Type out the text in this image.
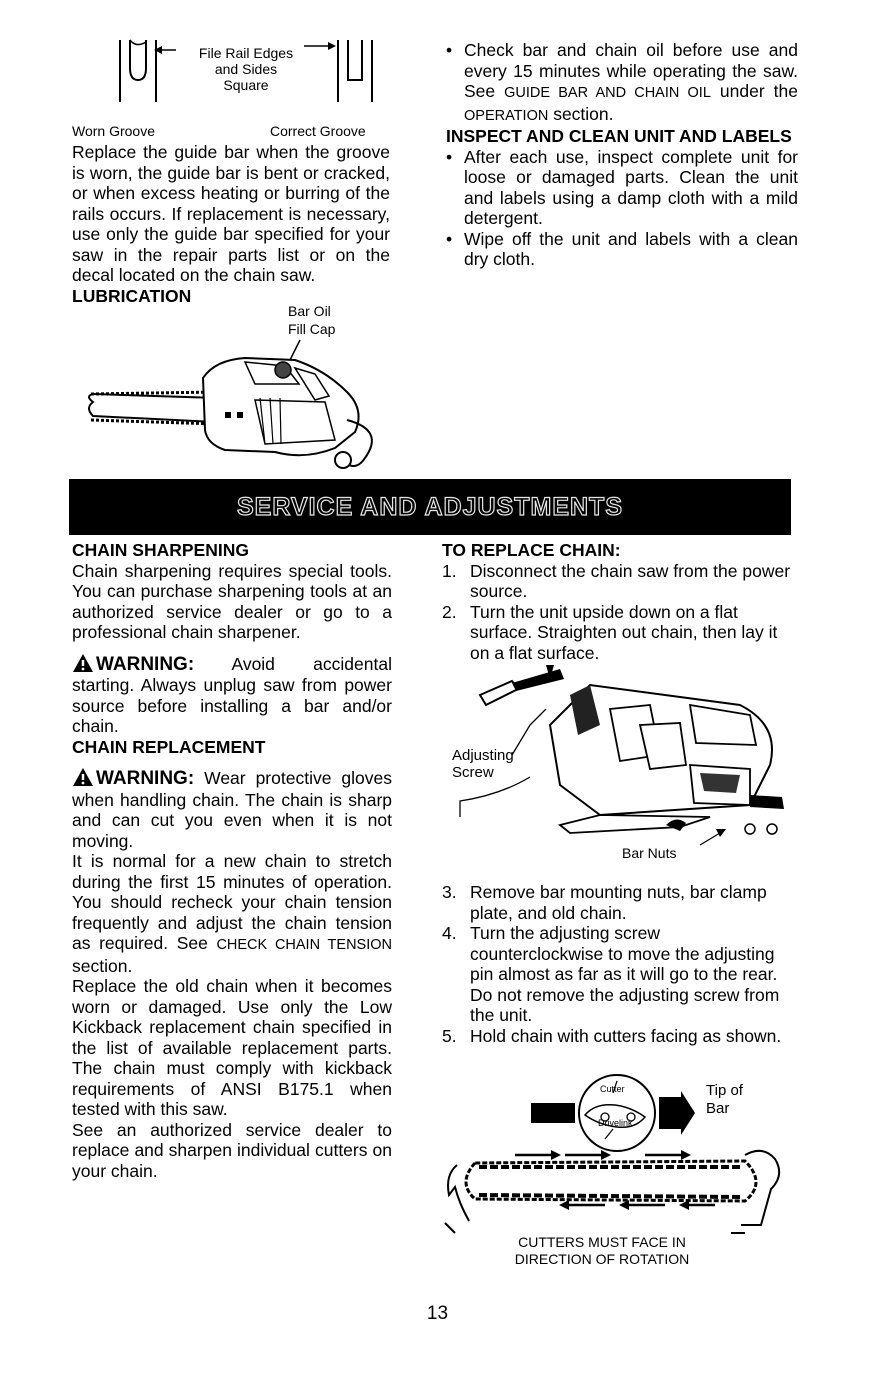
File Rail Edges
and Sides
Square
Worn Groove	Correct Groove

Replace the guide bar when the groove is worn, the guide bar is bent or cracked, or when excess heating or burring of the rails occurs. If replacement is necessary, use only the guide bar specified for your saw in the repair parts list or on the decal located on the chain saw.

LUBRICATION

Bar Oil
Fill Cap
• Check bar and chain oil before use and every 15 minutes while operating the saw. See GUIDE BAR AND CHAIN OIL under the OPERATION section.

INSPECT AND CLEAN UNIT AND LABELS

• After each use, inspect complete unit for loose or damaged parts. Clean the unit and labels using a damp cloth with a mild detergent.
• Wipe off the unit and labels with a clean dry cloth.
SERVICE AND ADJUSTMENTS

CHAIN SHARPENING

Chain sharpening requires special tools. You can purchase sharpening tools at an authorized service dealer or go to a professional chain sharpener.

WARNING: Avoid accidental starting. Always unplug saw from power source before installing a bar and/or chain.

CHAIN REPLACEMENT

WARNING: Wear protective gloves when handling chain. The chain is sharp and can cut you even when it is not moving.

It is normal for a new chain to stretch during the first 15 minutes of operation. You should recheck your chain tension frequently and adjust the chain tension as required. See CHECK CHAIN TENSION section.

Replace the old chain when it becomes worn or damaged. Use only the Low Kickback replacement chain specified in the list of available replacement parts. The chain must comply with kickback requirements of ANSI B175.1 when tested with this saw.

See an authorized service dealer to replace and sharpen individual cutters on your chain.

TO REPLACE CHAIN:

1. Disconnect the chain saw from the power source.
2. Turn the unit upside down on a flat surface. Straighten out chain, then lay it on a flat surface.
Adjusting
Screw
Bar Nuts
3. Remove bar mounting nuts, bar clamp plate, and old chain.
4. Turn the adjusting screw counterclockwise to move the adjusting pin almost as far as it will go to the rear. Do not remove the adjusting screw from the unit.
5. Hold chain with cutters facing as shown.
Cutter
Drivelink
Tip of
Bar
CUTTERS MUST FACE IN
DIRECTION OF ROTATION
13
